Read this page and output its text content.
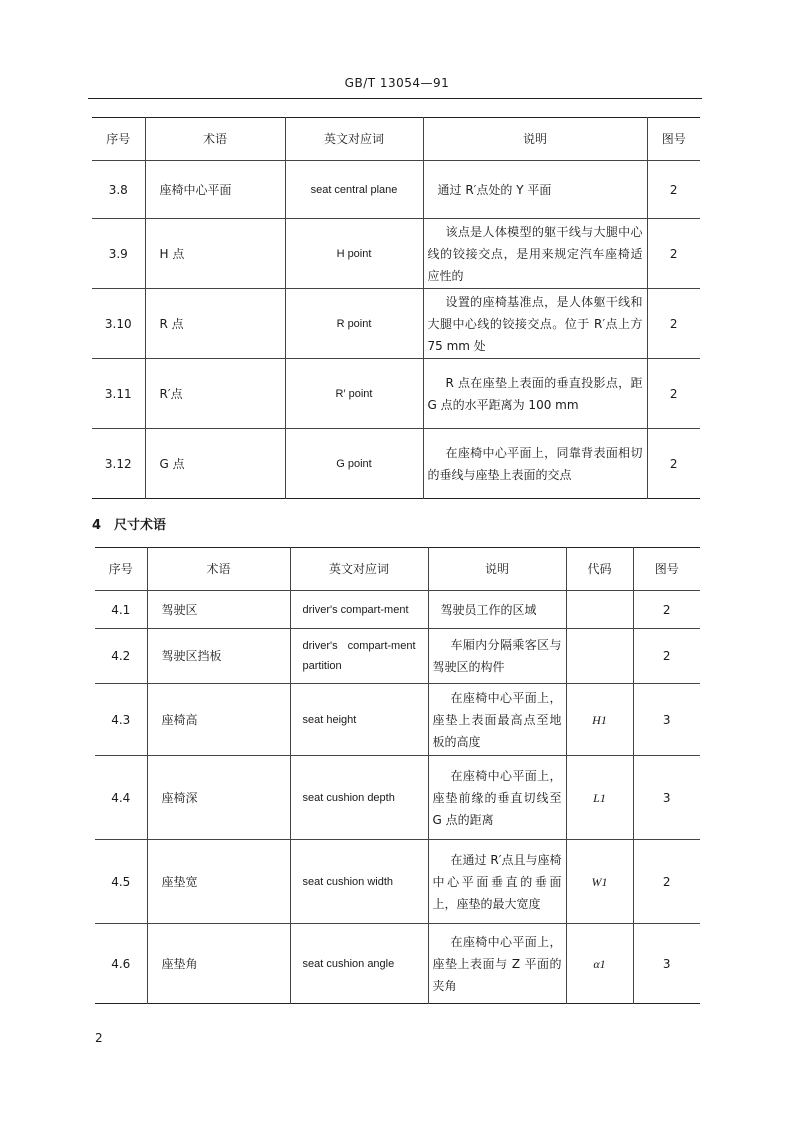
GB/T 13054—91
序号	术语	英文对应词	说明	图号
3.8	座椅中心平面	seat central plane	通过 R′点处的 Y 平面	2
3.9	H 点	H point	该点是人体模型的躯干线与大腿中心线的铰接交点，是用来规定汽车座椅适应性的	2
3.10	R 点	R point	设置的座椅基准点，是人体躯干线和大腿中心线的铰接交点。位于 R′点上方 75 mm 处	2
3.11	R′点	R′ point	R 点在座垫上表面的垂直投影点，距 G 点的水平距离为 100 mm	2
3.12	G 点	G point	在座椅中心平面上，同靠背表面相切的垂线与座垫上表面的交点	2
4　尺寸术语
序号	术语	英文对应词	说明	代码	图号
4.1	驾驶区	driver's compart-ment	驾驶员工作的区域		2
4.2	驾驶区挡板	driver's compart-ment partition	车厢内分隔乘客区与驾驶区的构件		2
4.3	座椅高	seat height	在座椅中心平面上，座垫上表面最高点至地板的高度	H1	3
4.4	座椅深	seat cushion depth	在座椅中心平面上，座垫前缘的垂直切线至 G 点的距离	L1	3
4.5	座垫宽	seat cushion width	在通过 R′点且与座椅中心平面垂直的垂面上，座垫的最大宽度	W1	2
4.6	座垫角	seat cushion angle	在座椅中心平面上，座垫上表面与 Z 平面的夹角	α1	3
2
